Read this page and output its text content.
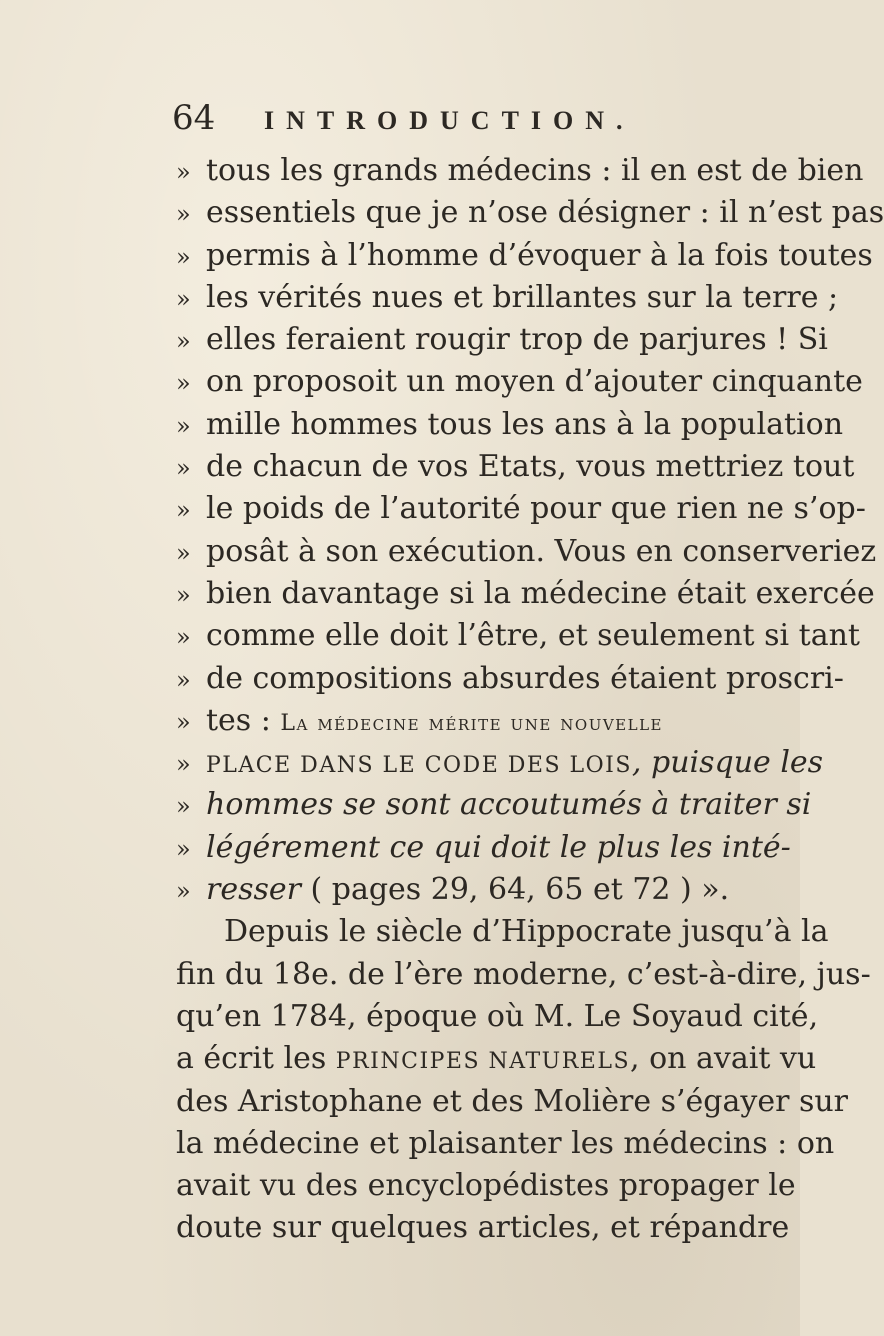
64	INTRODUCTION.
» tous les grands médecins : il en est de bien
» essentiels que je n’ose désigner : il n’est pas
» permis à l’homme d’évoquer à la fois toutes
» les vérités nues et brillantes sur la terre ;
» elles feraient rougir trop de parjures ! Si
» on proposoit un moyen d’ajouter cinquante
» mille hommes tous les ans à la population
» de chacun de vos Etats, vous mettriez tout
» le poids de l’autorité pour que rien ne s’op-
» posât à son exécution. Vous en conserveriez
» bien davantage si la médecine était exercée
» comme elle doit l’être, et seulement si tant
» de compositions absurdes étaient proscri-
» tes : La médecine mérite une nouvelle
» PLACE DANS LE CODE DES LOIS, puisque les
» hommes se sont accoutumés à traiter si
» légérement ce qui doit le plus les inté-
» resser ( pages 29, 64, 65 et 72 ) ».
Depuis le siècle d’Hippocrate jusqu’à la
fin du 18e. de l’ère moderne, c’est-à-dire, jus-
qu’en 1784, époque où M. Le Soyaud cité,
a écrit les PRINCIPES NATURELS, on avait vu
des Aristophane et des Molière s’égayer sur
la médecine et plaisanter les médecins : on
avait vu des encyclopédistes propager le
doute sur quelques articles, et répandre
